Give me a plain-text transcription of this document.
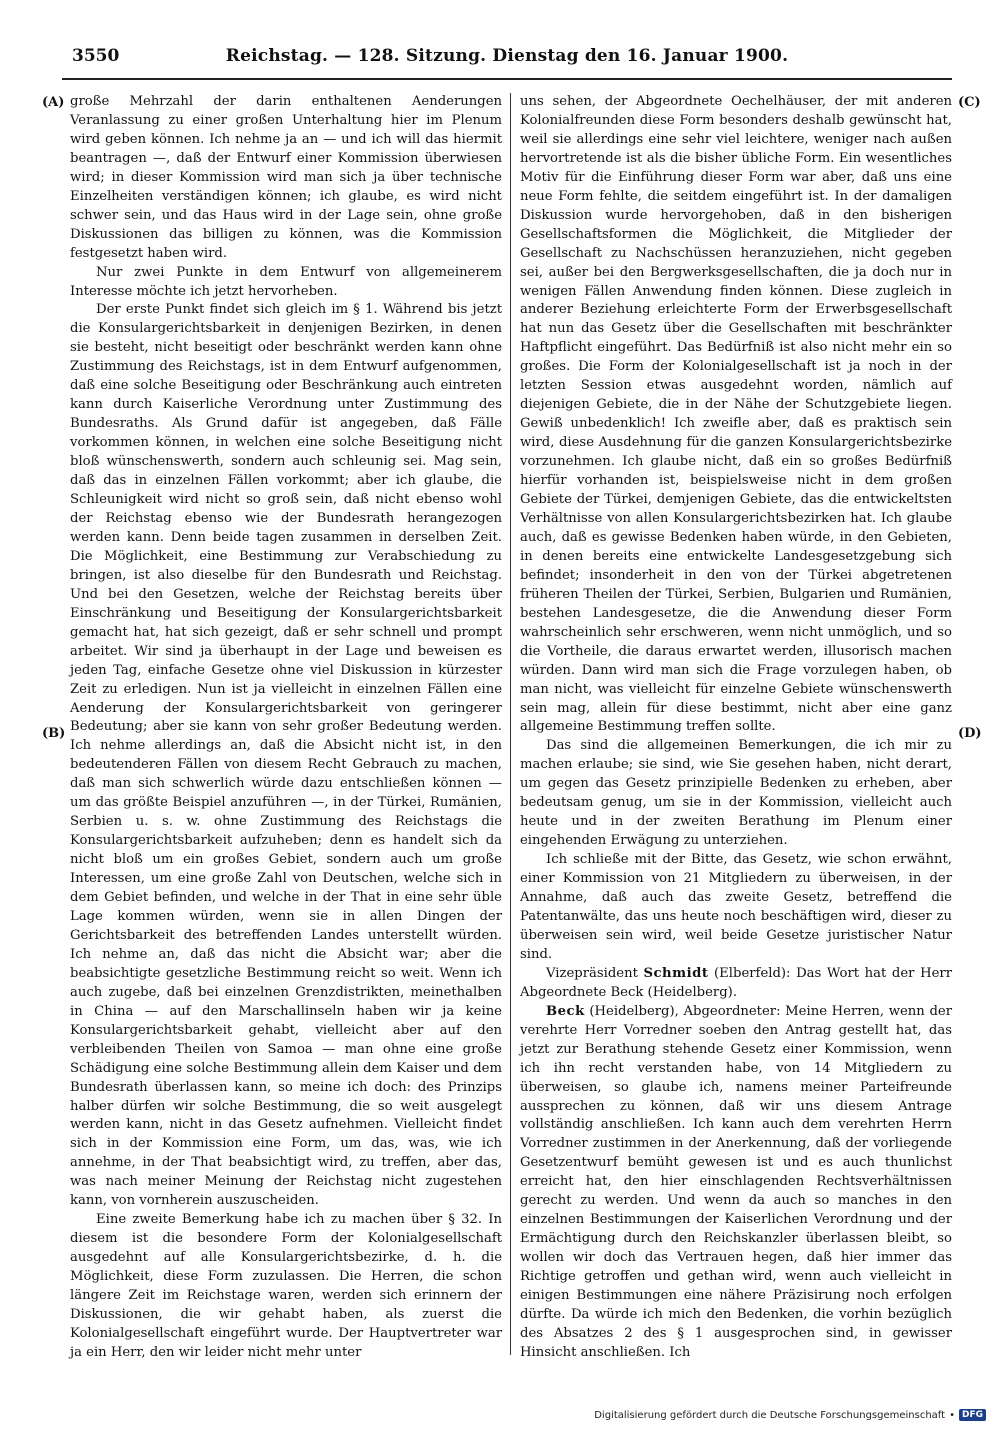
3550	Reichstag. — 128. Sitzung. Dienstag den 16. Januar 1900.
(A)
(B)
(C)
(D)

große Mehrzahl der darin enthaltenen Aenderungen Veranlassung zu einer großen Unterhaltung hier im Plenum wird geben können. Ich nehme ja an — und ich will das hiermit beantragen —, daß der Entwurf einer Kommission überwiesen wird; in dieser Kommission wird man sich ja über technische Einzelheiten verständigen können; ich glaube, es wird nicht schwer sein, und das Haus wird in der Lage sein, ohne große Diskussionen das billigen zu können, was die Kommission festgesetzt haben wird.

Nur zwei Punkte in dem Entwurf von allgemeinerem Interesse möchte ich jetzt hervorheben.

Der erste Punkt findet sich gleich im § 1. Während bis jetzt die Konsulargerichtsbarkeit in denjenigen Bezirken, in denen sie besteht, nicht beseitigt oder beschränkt werden kann ohne Zustimmung des Reichstags, ist in dem Entwurf aufgenommen, daß eine solche Beseitigung oder Beschränkung auch eintreten kann durch Kaiserliche Verordnung unter Zustimmung des Bundesraths. Als Grund dafür ist angegeben, daß Fälle vorkommen können, in welchen eine solche Beseitigung nicht bloß wünschenswerth, sondern auch schleunig sei. Mag sein, daß das in einzelnen Fällen vorkommt; aber ich glaube, die Schleunigkeit wird nicht so groß sein, daß nicht ebenso wohl der Reichstag ebenso wie der Bundesrath herangezogen werden kann. Denn beide tagen zusammen in derselben Zeit. Die Möglichkeit, eine Bestimmung zur Verabschiedung zu bringen, ist also dieselbe für den Bundesrath und Reichstag. Und bei den Gesetzen, welche der Reichstag bereits über Einschränkung und Beseitigung der Konsulargerichtsbarkeit gemacht hat, hat sich gezeigt, daß er sehr schnell und prompt arbeitet. Wir sind ja überhaupt in der Lage und beweisen es jeden Tag, einfache Gesetze ohne viel Diskussion in kürzester Zeit zu erledigen. Nun ist ja vielleicht in einzelnen Fällen eine Aenderung der Konsulargerichtsbarkeit von geringerer Bedeutung; aber sie kann von sehr großer Bedeutung werden. Ich nehme allerdings an, daß die Absicht nicht ist, in den bedeutenderen Fällen von diesem Recht Gebrauch zu machen, daß man sich schwerlich würde dazu entschließen können — um das größte Beispiel anzuführen —, in der Türkei, Rumänien, Serbien u. s. w. ohne Zustimmung des Reichstags die Konsulargerichtsbarkeit aufzuheben; denn es handelt sich da nicht bloß um ein großes Gebiet, sondern auch um große Interessen, um eine große Zahl von Deutschen, welche sich in dem Gebiet befinden, und welche in der That in eine sehr üble Lage kommen würden, wenn sie in allen Dingen der Gerichtsbarkeit des betreffenden Landes unterstellt würden. Ich nehme an, daß das nicht die Absicht war; aber die beabsichtigte gesetzliche Bestimmung reicht so weit. Wenn ich auch zugebe, daß bei einzelnen Grenzdistrikten, meinethalben in China — auf den Marschallinseln haben wir ja keine Konsulargerichtsbarkeit gehabt, vielleicht aber auf den verbleibenden Theilen von Samoa — man ohne eine große Schädigung eine solche Bestimmung allein dem Kaiser und dem Bundesrath überlassen kann, so meine ich doch: des Prinzips halber dürfen wir solche Bestimmung, die so weit ausgelegt werden kann, nicht in das Gesetz aufnehmen. Vielleicht findet sich in der Kommission eine Form, um das, was, wie ich annehme, in der That beabsichtigt wird, zu treffen, aber das, was nach meiner Meinung der Reichstag nicht zugestehen kann, von vornherein auszuscheiden.

Eine zweite Bemerkung habe ich zu machen über § 32. In diesem ist die besondere Form der Kolonialgesellschaft ausgedehnt auf alle Konsulargerichtsbezirke, d. h. die Möglichkeit, diese Form zuzulassen. Die Herren, die schon längere Zeit im Reichstage waren, werden sich erinnern der Diskussionen, die wir gehabt haben, als zuerst die Kolonialgesellschaft eingeführt wurde. Der Hauptvertreter war ja ein Herr, den wir leider nicht mehr unter

uns sehen, der Abgeordnete Oechelhäuser, der mit anderen Kolonialfreunden diese Form besonders deshalb gewünscht hat, weil sie allerdings eine sehr viel leichtere, weniger nach außen hervortretende ist als die bisher übliche Form. Ein wesentliches Motiv für die Einführung dieser Form war aber, daß uns eine neue Form fehlte, die seitdem eingeführt ist. In der damaligen Diskussion wurde hervorgehoben, daß in den bisherigen Gesellschaftsformen die Möglichkeit, die Mitglieder der Gesellschaft zu Nachschüssen heranzuziehen, nicht gegeben sei, außer bei den Bergwerksgesellschaften, die ja doch nur in wenigen Fällen Anwendung finden können. Diese zugleich in anderer Beziehung erleichterte Form der Erwerbsgesellschaft hat nun das Gesetz über die Gesellschaften mit beschränkter Haftpflicht eingeführt. Das Bedürfniß ist also nicht mehr ein so großes. Die Form der Kolonialgesellschaft ist ja noch in der letzten Session etwas ausgedehnt worden, nämlich auf diejenigen Gebiete, die in der Nähe der Schutzgebiete liegen. Gewiß unbedenklich! Ich zweifle aber, daß es praktisch sein wird, diese Ausdehnung für die ganzen Konsulargerichtsbezirke vorzunehmen. Ich glaube nicht, daß ein so großes Bedürfniß hierfür vorhanden ist, beispielsweise nicht in dem großen Gebiete der Türkei, demjenigen Gebiete, das die entwickeltsten Verhältnisse von allen Konsulargerichtsbezirken hat. Ich glaube auch, daß es gewisse Bedenken haben würde, in den Gebieten, in denen bereits eine entwickelte Landesgesetzgebung sich befindet; insonderheit in den von der Türkei abgetretenen früheren Theilen der Türkei, Serbien, Bulgarien und Rumänien, bestehen Landesgesetze, die die Anwendung dieser Form wahrscheinlich sehr erschweren, wenn nicht unmöglich, und so die Vortheile, die daraus erwartet werden, illusorisch machen würden. Dann wird man sich die Frage vorzulegen haben, ob man nicht, was vielleicht für einzelne Gebiete wünschenswerth sein mag, allein für diese bestimmt, nicht aber eine ganz allgemeine Bestimmung treffen sollte.

Das sind die allgemeinen Bemerkungen, die ich mir zu machen erlaube; sie sind, wie Sie gesehen haben, nicht derart, um gegen das Gesetz prinzipielle Bedenken zu erheben, aber bedeutsam genug, um sie in der Kommission, vielleicht auch heute und in der zweiten Berathung im Plenum einer eingehenden Erwägung zu unterziehen.

Ich schließe mit der Bitte, das Gesetz, wie schon erwähnt, einer Kommission von 21 Mitgliedern zu überweisen, in der Annahme, daß auch das zweite Gesetz, betreffend die Patentanwälte, das uns heute noch beschäftigen wird, dieser zu überweisen sein wird, weil beide Gesetze juristischer Natur sind.

Vizepräsident Schmidt (Elberfeld): Das Wort hat der Herr Abgeordnete Beck (Heidelberg).

Beck (Heidelberg), Abgeordneter: Meine Herren, wenn der verehrte Herr Vorredner soeben den Antrag gestellt hat, das jetzt zur Berathung stehende Gesetz einer Kommission, wenn ich ihn recht verstanden habe, von 14 Mitgliedern zu überweisen, so glaube ich, namens meiner Parteifreunde aussprechen zu können, daß wir uns diesem Antrage vollständig anschließen. Ich kann auch dem verehrten Herrn Vorredner zustimmen in der Anerkennung, daß der vorliegende Gesetzentwurf bemüht gewesen ist und es auch thunlichst erreicht hat, den hier einschlagenden Rechtsverhältnissen gerecht zu werden. Und wenn da auch so manches in den einzelnen Bestimmungen der Kaiserlichen Verordnung und der Ermächtigung durch den Reichskanzler überlassen bleibt, so wollen wir doch das Vertrauen hegen, daß hier immer das Richtige getroffen und gethan wird, wenn auch vielleicht in einigen Bestimmungen eine nähere Präzisirung noch erfolgen dürfte. Da würde ich mich den Bedenken, die vorhin bezüglich des Absatzes 2 des § 1 ausgesprochen sind, in gewisser Hinsicht anschließen. Ich

Digitalisierung gefördert durch die Deutsche Forschungsgemeinschaft • DFG
